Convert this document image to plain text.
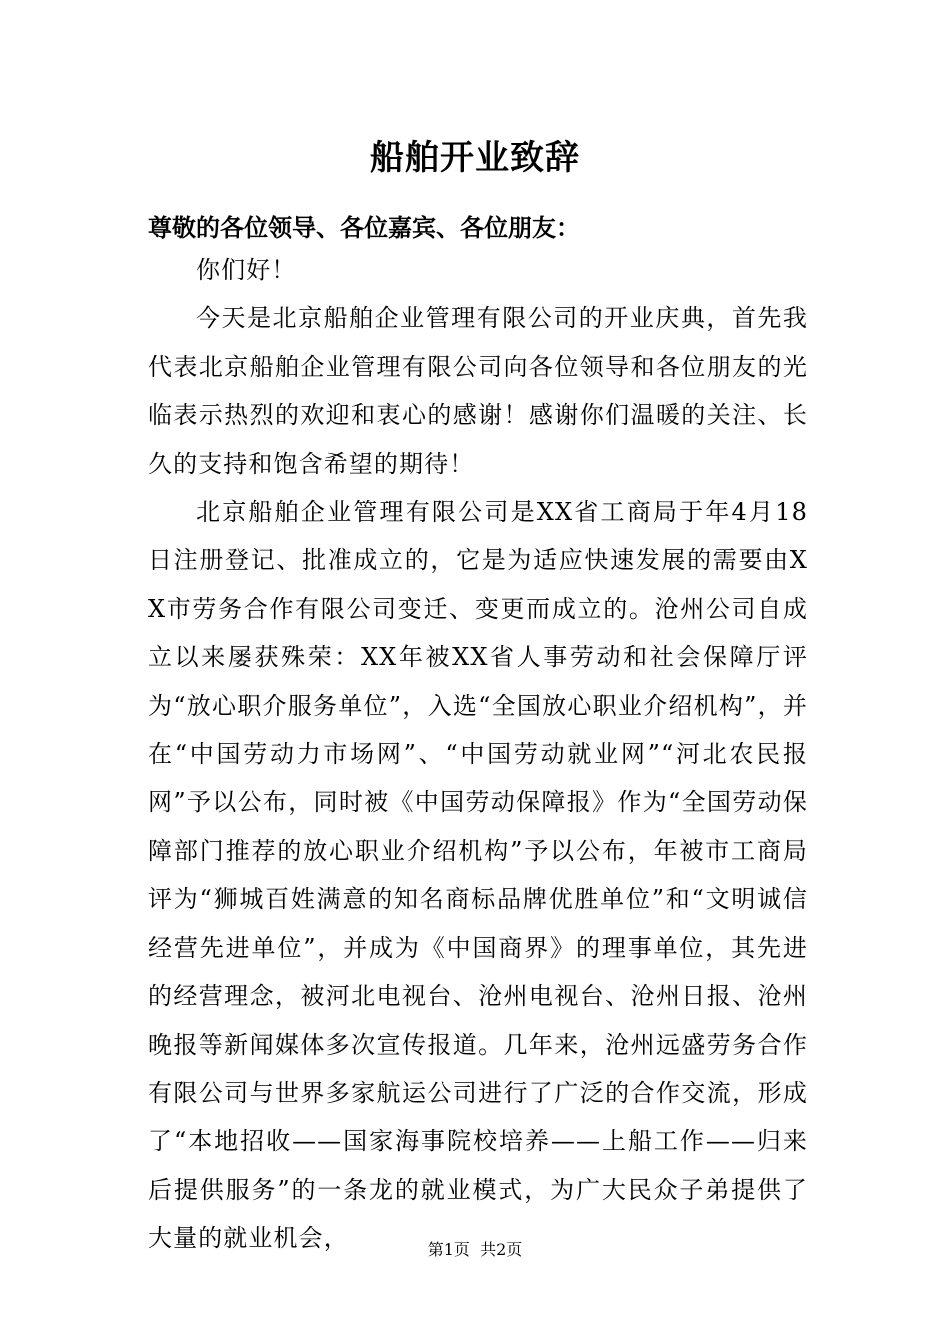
船舶开业致辞

尊敬的各位领导、各位嘉宾、各位朋友：

你们好！

今天是北京船舶企业管理有限公司的开业庆典，首先我代表北京船舶企业管理有限公司向各位领导和各位朋友的光临表示热烈的欢迎和衷心的感谢！感谢你们温暖的关注、长久的支持和饱含希望的期待！

北京船舶企业管理有限公司是XX省工商局于年4月18日注册登记、批准成立的，它是为适应快速发展的需要由XX市劳务合作有限公司变迁、变更而成立的。沧州公司自成立以来屡获殊荣：XX年被XX省人事劳动和社会保障厅评为“放心职介服务单位”，入选“全国放心职业介绍机构”，并在“中国劳动力市场网”、“中国劳动就业网”“河北农民报网”予以公布，同时被《中国劳动保障报》作为“全国劳动保障部门推荐的放心职业介绍机构”予以公布，年被市工商局评为“狮城百姓满意的知名商标品牌优胜单位”和“文明诚信经营先进单位”，并成为《中国商界》的理事单位，其先进的经营理念，被河北电视台、沧州电视台、沧州日报、沧州晚报等新闻媒体多次宣传报道。几年来，沧州远盛劳务合作有限公司与世界多家航运公司进行了广泛的合作交流，形成了“本地招收——国家海事院校培养——上船工作——归来后提供服务”的一条龙的就业模式，为广大民众子弟提供了大量的就业机会，	第1页  共2页
